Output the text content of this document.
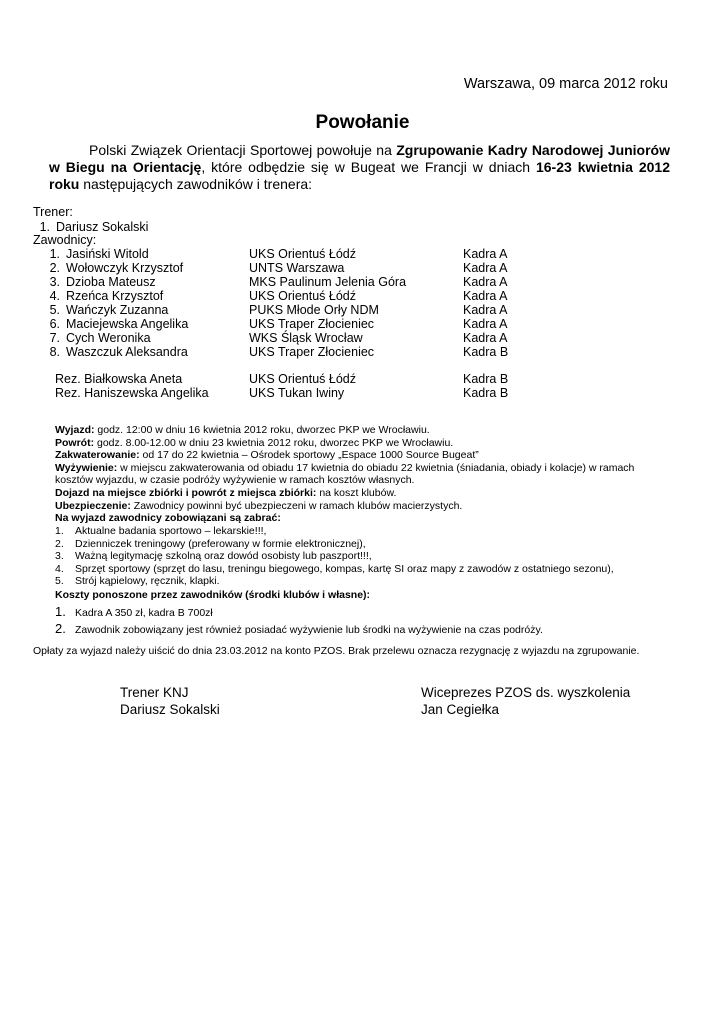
Warszawa, 09 marca 2012 roku
Powołanie
Polski Związek Orientacji Sportowej powołuje na Zgrupowanie Kadry Narodowej Juniorów w Biegu na Orientację, które odbędzie się w Bugeat we Francji w dniach 16-23 kwietnia 2012 roku następujących zawodników i trenera:
Trener:
1. Dariusz Sokalski
Zawodnicy:
1. Jasiński Witold	UKS Orientuś Łódź	Kadra A
2. Wołowczyk Krzysztof	UNTS Warszawa	Kadra A
3. Dzioba Mateusz	MKS Paulinum Jelenia Góra	Kadra A
4. Rzeńca Krzysztof	UKS Orientuś Łódź	Kadra A
5. Wańczyk Zuzanna	PUKS Młode Orły NDM	Kadra A
6. Maciejewska Angelika	UKS Traper Złocieniec	Kadra A
7. Cych Weronika	WKS Śląsk Wrocław	Kadra A
8. Waszczuk Aleksandra	UKS Traper Złocieniec	Kadra B
Rez. Białkowska Aneta	UKS Orientuś Łódź	Kadra B
Rez. Haniszewska Angelika	UKS Tukan Iwiny	Kadra B
Wyjazd: godz. 12:00 w dniu 16 kwietnia 2012 roku, dworzec PKP we Wrocławiu.
Powrót: godz. 8.00-12.00 w dniu 23 kwietnia 2012 roku, dworzec PKP we Wrocławiu.
Zakwaterowanie: od 17 do 22 kwietnia – Ośrodek sportowy „Espace 1000 Source Bugeat”
Wyżywienie: w miejscu zakwaterowania od obiadu 17 kwietnia do obiadu 22 kwietnia (śniadania, obiady i kolacje) w ramach
kosztów wyjazdu, w czasie podróży wyżywienie w ramach kosztów własnych.
Dojazd na miejsce zbiórki i powrót z miejsca zbiórki: na koszt klubów.
Ubezpieczenie: Zawodnicy powinni być ubezpieczeni w ramach klubów macierzystych.
Na wyjazd zawodnicy zobowiązani są zabrać:
1. Aktualne badania sportowo – lekarskie!!!,
2. Dzienniczek treningowy (preferowany w formie elektronicznej),
3. Ważną legitymację szkolną oraz dowód osobisty lub paszport!!!,
4. Sprzęt sportowy (sprzęt do lasu, treningu biegowego, kompas, kartę SI oraz mapy z zawodów z ostatniego sezonu),
5. Strój kąpielowy, ręcznik, klapki.
Koszty ponoszone przez zawodników (środki klubów i własne):
1. Kadra A 350 zł, kadra B 700zł
2. Zawodnik zobowiązany jest również posiadać wyżywienie lub środki na wyżywienie na czas podróży.
Opłaty za wyjazd należy uiścić do dnia 23.03.2012 na konto PZOS. Brak przelewu oznacza rezygnację z wyjazdu na zgrupowanie.
Trener KNJ
Dariusz Sokalski
Wiceprezes PZOS ds. wyszkolenia
Jan Cegiełka
